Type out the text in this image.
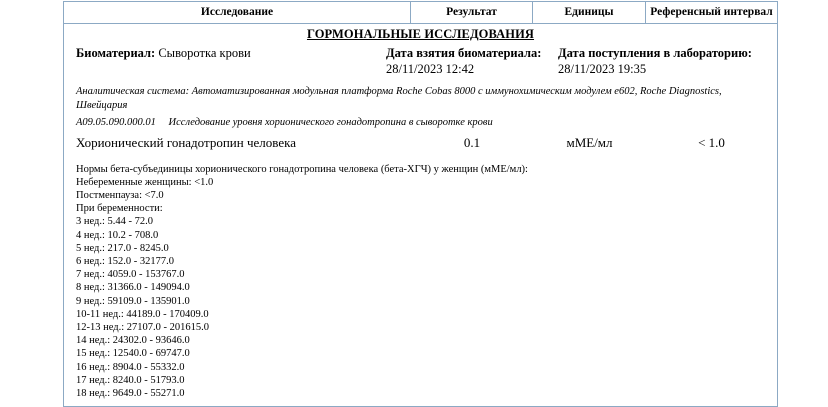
Исследование	Результат	Единицы	Референсный интервал
ГОРМОНАЛЬНЫЕ ИССЛЕДОВАНИЯ
Биоматериал: Сыворотка крови	Дата взятия биоматериала:
28/11/2023 12:42
Дата поступления в лабораторию:
28/11/2023 19:35
Аналитическая система: Автоматизированная модульная платформа Roche Cobas 8000 с иммунохимическим модулем e602, Roche Diagnostics,
Швейцария
А09.05.090.000.01 Исследование уровня хорионического гонадотропина в сыворотке крови
Хорионический гонадотропин человека	0.1	мМЕ/мл	< 1.0
Нормы бета-субъединицы хорионического гонадотропина человека (бета-ХГЧ) у женщин (мМЕ/мл):
Небеременные женщины: <1.0
Постменпауза: <7.0
При беременности:
3 нед.: 5.44 - 72.0
4 нед.: 10.2 - 708.0
5 нед.: 217.0 - 8245.0
6 нед.: 152.0 - 32177.0
7 нед.: 4059.0 - 153767.0
8 нед.: 31366.0 - 149094.0
9 нед.: 59109.0 - 135901.0
10-11 нед.: 44189.0 - 170409.0
12-13 нед.: 27107.0 - 201615.0
14 нед.: 24302.0 - 93646.0
15 нед.: 12540.0 - 69747.0
16 нед.: 8904.0 - 55332.0
17 нед.: 8240.0 - 51793.0
18 нед.: 9649.0 - 55271.0
